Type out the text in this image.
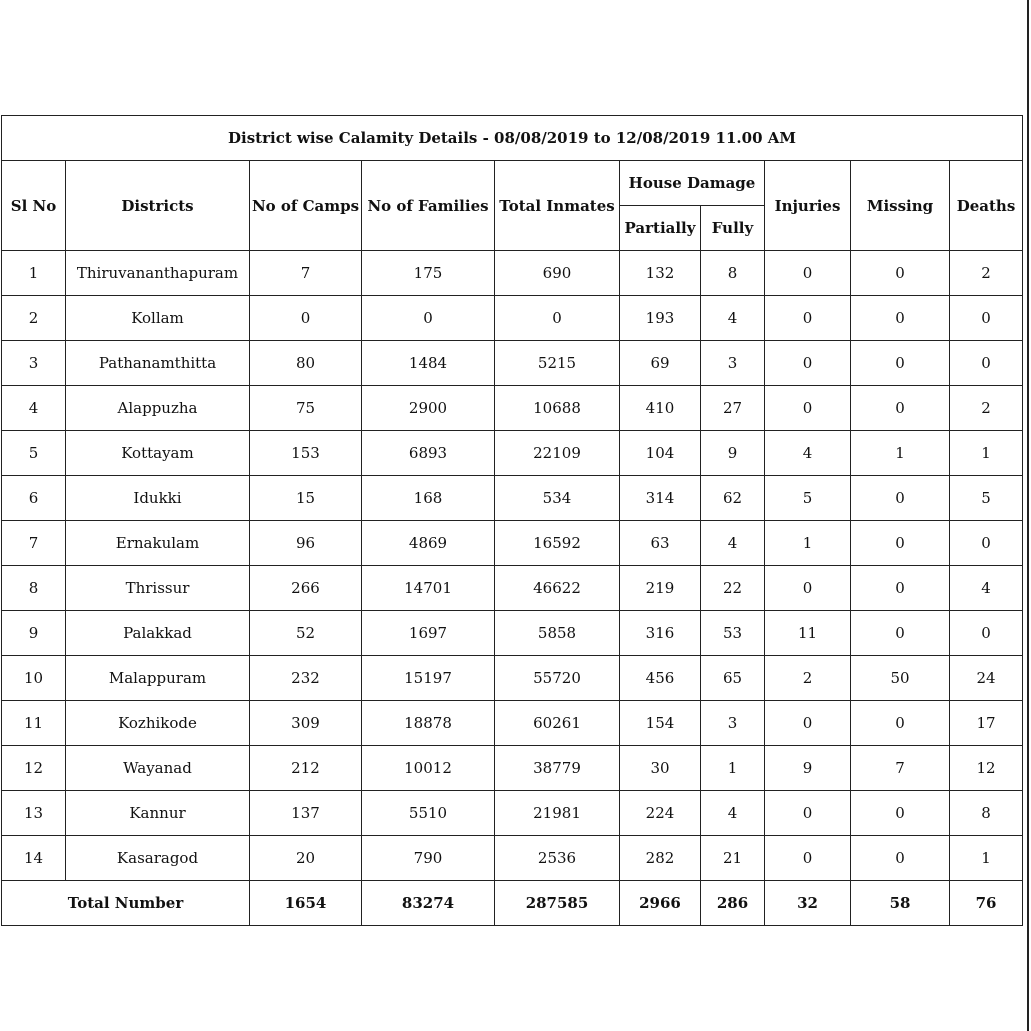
District wise Calamity Details - 08/08/2019 to 12/08/2019 11.00 AM									
Sl No	Districts	No of Camps	No of Families	Total Inmates	House Damage		Injuries	Missing	Deaths
					Partially	Fully			
1	Thiruvananthapuram	7	175	690	132	8	0	0	2
2	Kollam	0	0	0	193	4	0	0	0
3	Pathanamthitta	80	1484	5215	69	3	0	0	0
4	Alappuzha	75	2900	10688	410	27	0	0	2
5	Kottayam	153	6893	22109	104	9	4	1	1
6	Idukki	15	168	534	314	62	5	0	5
7	Ernakulam	96	4869	16592	63	4	1	0	0
8	Thrissur	266	14701	46622	219	22	0	0	4
9	Palakkad	52	1697	5858	316	53	11	0	0
10	Malappuram	232	15197	55720	456	65	2	50	24
11	Kozhikode	309	18878	60261	154	3	0	0	17
12	Wayanad	212	10012	38779	30	1	9	7	12
13	Kannur	137	5510	21981	224	4	0	0	8
14	Kasaragod	20	790	2536	282	21	0	0	1
Total Number		1654	83274	287585	2966	286	32	58	76
